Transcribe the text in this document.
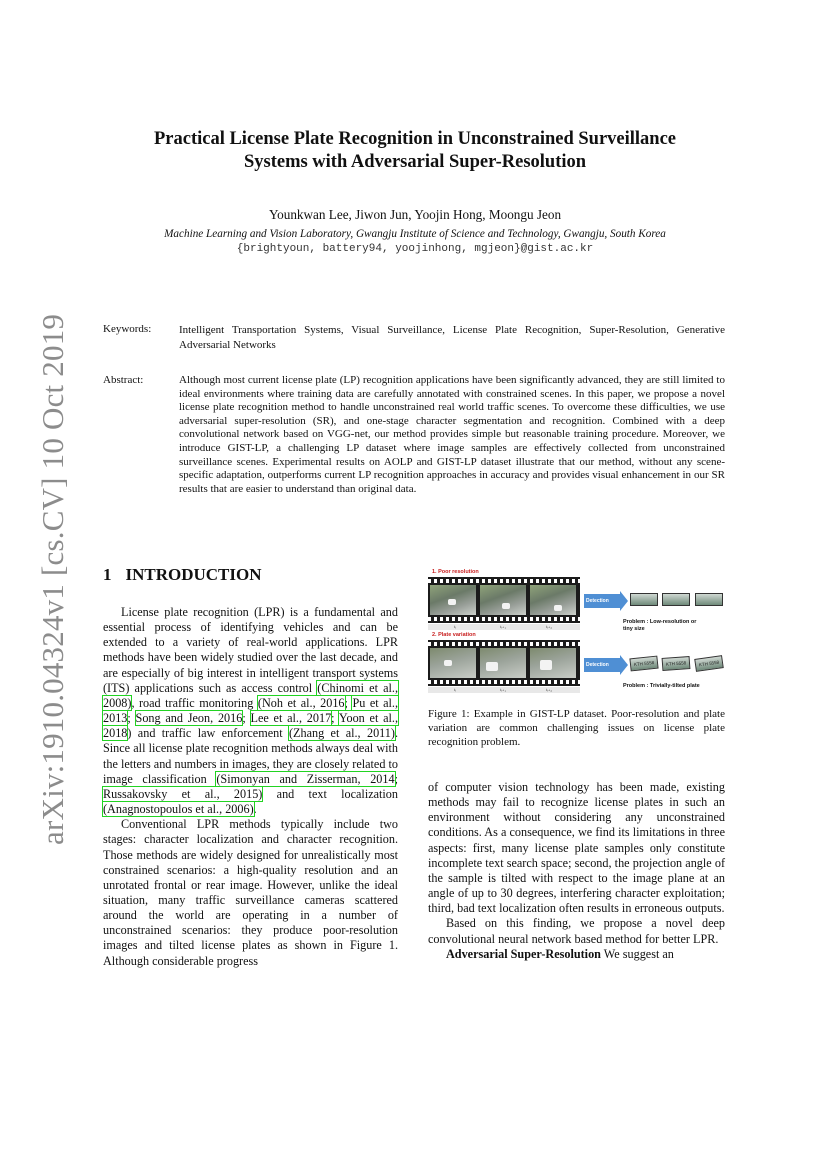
arXiv:1910.04324v1 [cs.CV] 10 Oct 2019
Practical License Plate Recognition in Unconstrained Surveillance
Systems with Adversarial Super-Resolution
Younkwan Lee, Jiwon Jun, Yoojin Hong, Moongu Jeon
Machine Learning and Vision Laboratory, Gwangju Institute of Science and Technology, Gwangju, South Korea
{brightyoun, battery94, yoojinhong, mgjeon}@gist.ac.kr
Keywords:	Intelligent Transportation Systems, Visual Surveillance, License Plate Recognition, Super-Resolution, Generative Adversarial Networks
Abstract:	Although most current license plate (LP) recognition applications have been significantly advanced, they are still limited to ideal environments where training data are carefully annotated with constrained scenes. In this paper, we propose a novel license plate recognition method to handle unconstrained real world traffic scenes. To overcome these difficulties, we use adversarial super-resolution (SR), and one-stage character segmentation and recognition. Combined with a deep convolutional network based on VGG-net, our method provides simple but reasonable training procedure. Moreover, we introduce GIST-LP, a challenging LP dataset where image samples are effectively collected from unconstrained surveillance scenes. Experimental results on AOLP and GIST-LP dataset illustrate that our method, without any scene-specific adaptation, outperforms current LP recognition approaches in accuracy and provides visual enhancement in our SR results that are easier to understand than original data.
1 INTRODUCTION

License plate recognition (LPR) is a fundamental and essential process of identifying vehicles and can be extended to a variety of real-world applications. LPR methods have been widely studied over the last decade, and are especially of big interest in intelligent transport systems (ITS) applications such as access control (Chinomi et al., 2008), road traffic monitoring (Noh et al., 2016; Pu et al., 2013; Song and Jeon, 2016; Lee et al., 2017; Yoon et al., 2018) and traffic law enforcement (Zhang et al., 2011). Since all license plate recognition methods always deal with the letters and numbers in images, they are closely related to image classification (Simonyan and Zisserman, 2014; Russakovsky et al., 2015) and text localization (Anagnostopoulos et al., 2006).

Conventional LPR methods typically include two stages: character localization and character recognition. Those methods are widely designed for unrealistically most constrained scenarios: a high-quality resolution and an unrotated frontal or rear image. However, unlike the ideal situation, many traffic surveillance cameras scattered around the world are operating in a number of unconstrained scenarios: they produce poor-resolution images and tilted license plates as shown in Figure 1. Although considerable progress

1. Poor resolution
tᵢ	tᵢ₊₁	tᵢ₊₂
Detection
Problem : Low-resolution or
tiny size
2. Plate variation
tᵢ	tᵢ₊₁	tᵢ₊₂
Detection	KTH 5558	KTH 5558	KTH 5558
Problem : Trivially-tilted plate
Figure 1: Example in GIST-LP dataset. Poor-resolution and plate variation are common challenging issues on license plate recognition problem.

of computer vision technology has been made, existing methods may fail to recognize license plates in such an environment without considering any unconstrained conditions. As a consequence, we find its limitations in three aspects: first, many license plate samples only constitute incomplete text search space; second, the projection angle of the sample is tilted with respect to the image plane at an angle of up to 30 degrees, interfering character exploitation; third, bad text localization often results in erroneous outputs.

Based on this finding, we propose a novel deep convolutional neural network based method for better LPR.

Adversarial Super-Resolution We suggest an
